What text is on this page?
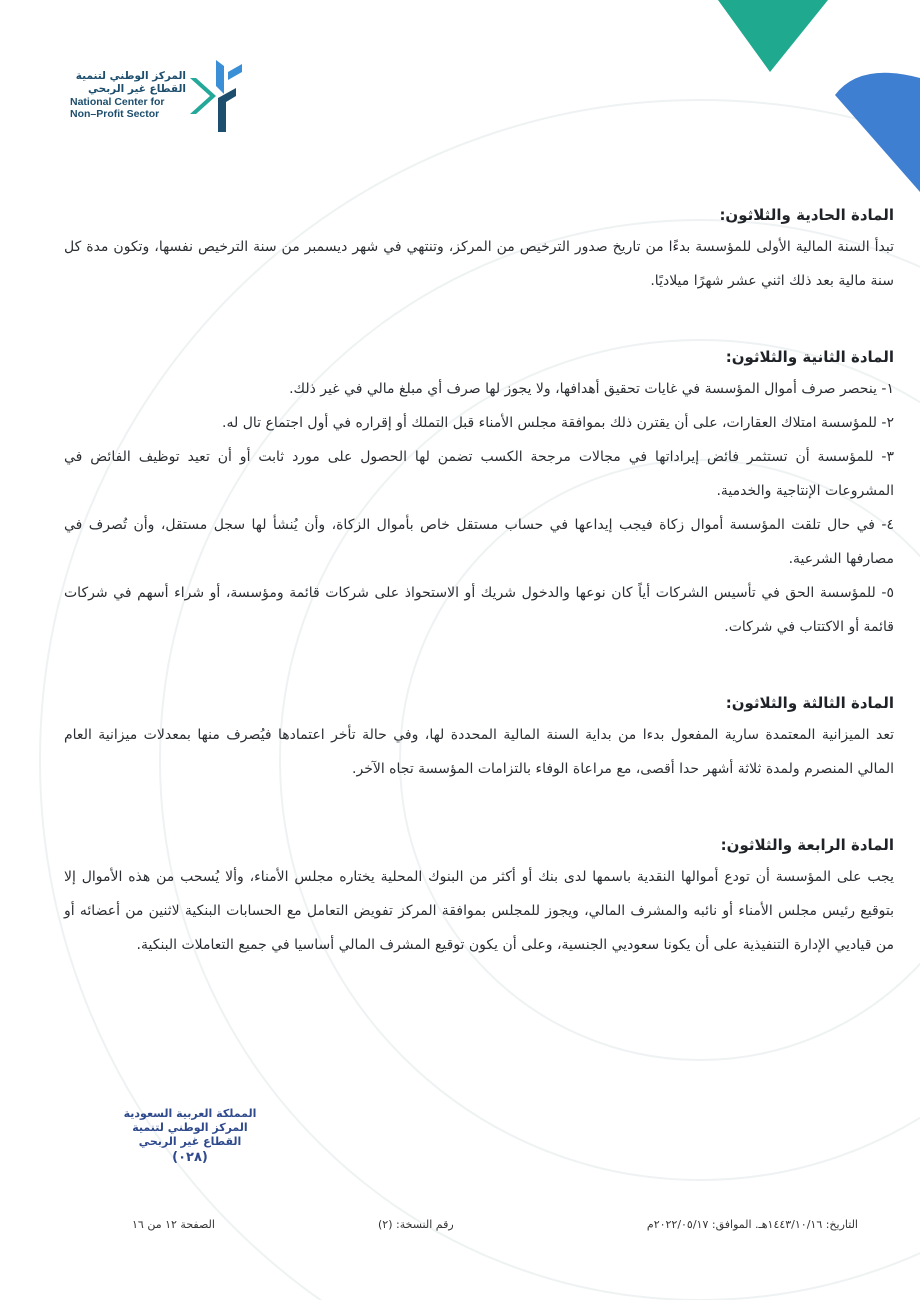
المركز الوطني لتنمية
القطاع غير الربحي
National Center for
Non–Profit Sector
المادة الحادية والثلاثون:

تبدأ السنة المالية الأولى للمؤسسة بدءًا من تاريخ صدور الترخيص من المركز، وتنتهي في شهر ديسمبر من سنة الترخيص نفسها، وتكون مدة كل سنة مالية بعد ذلك اثني عشر شهرًا ميلاديًا.

المادة الثانية والثلاثون:

١- ينحصر صرف أموال المؤسسة في غايات تحقيق أهدافها، ولا يجوز لها صرف أي مبلغ مالي في غير ذلك.

٢- للمؤسسة امتلاك العقارات، على أن يقترن ذلك بموافقة مجلس الأمناء قبل التملك أو إقراره في أول اجتماع تال له.

٣- للمؤسسة أن تستثمر فائض إيراداتها في مجالات مرجحة الكسب تضمن لها الحصول على مورد ثابت أو أن تعيد توظيف الفائض في المشروعات الإنتاجية والخدمية.

٤- في حال تلقت المؤسسة أموال زكاة فيجب إيداعها في حساب مستقل خاص بأموال الزكاة، وأن يُنشأ لها سجل مستقل، وأن تُصرف في مصارفها الشرعية.

٥- للمؤسسة الحق في تأسيس الشركات أياً كان نوعها والدخول شريك أو الاستحواذ على شركات قائمة ومؤسسة، أو شراء أسهم في شركات قائمة أو الاكتتاب في شركات.

المادة الثالثة والثلاثون:

تعد الميزانية المعتمدة سارية المفعول بدءا من بداية السنة المالية المحددة لها، وفي حالة تأخر اعتمادها فيُصرف منها بمعدلات ميزانية العام المالي المنصرم ولمدة ثلاثة أشهر حدا أقصى، مع مراعاة الوفاء بالتزامات المؤسسة تجاه الآخر.

المادة الرابعة والثلاثون:

يجب على المؤسسة أن تودع أموالها النقدية باسمها لدى بنك أو أكثر من البنوك المحلية يختاره مجلس الأمناء، وألا يُسحب من هذه الأموال إلا بتوقيع رئيس مجلس الأمناء أو نائبه والمشرف المالي، ويجوز للمجلس بموافقة المركز تفويض التعامل مع الحسابات البنكية لاثنين من أعضائه أو من قياديي الإدارة التنفيذية على أن يكونا سعوديي الجنسية، وعلى أن يكون توقيع المشرف المالي أساسيا في جميع التعاملات البنكية.

المملكة العربية السعودية
المركز الوطني لتنمية
القطاع غير الربحي
(٠٢٨)
التاريخ: ١٤٤٣/١٠/١٦هـ. الموافق: ٢٠٢٢/٠٥/١٧م
رقم النسخة: (٢)
الصفحة ١٢ من ١٦
